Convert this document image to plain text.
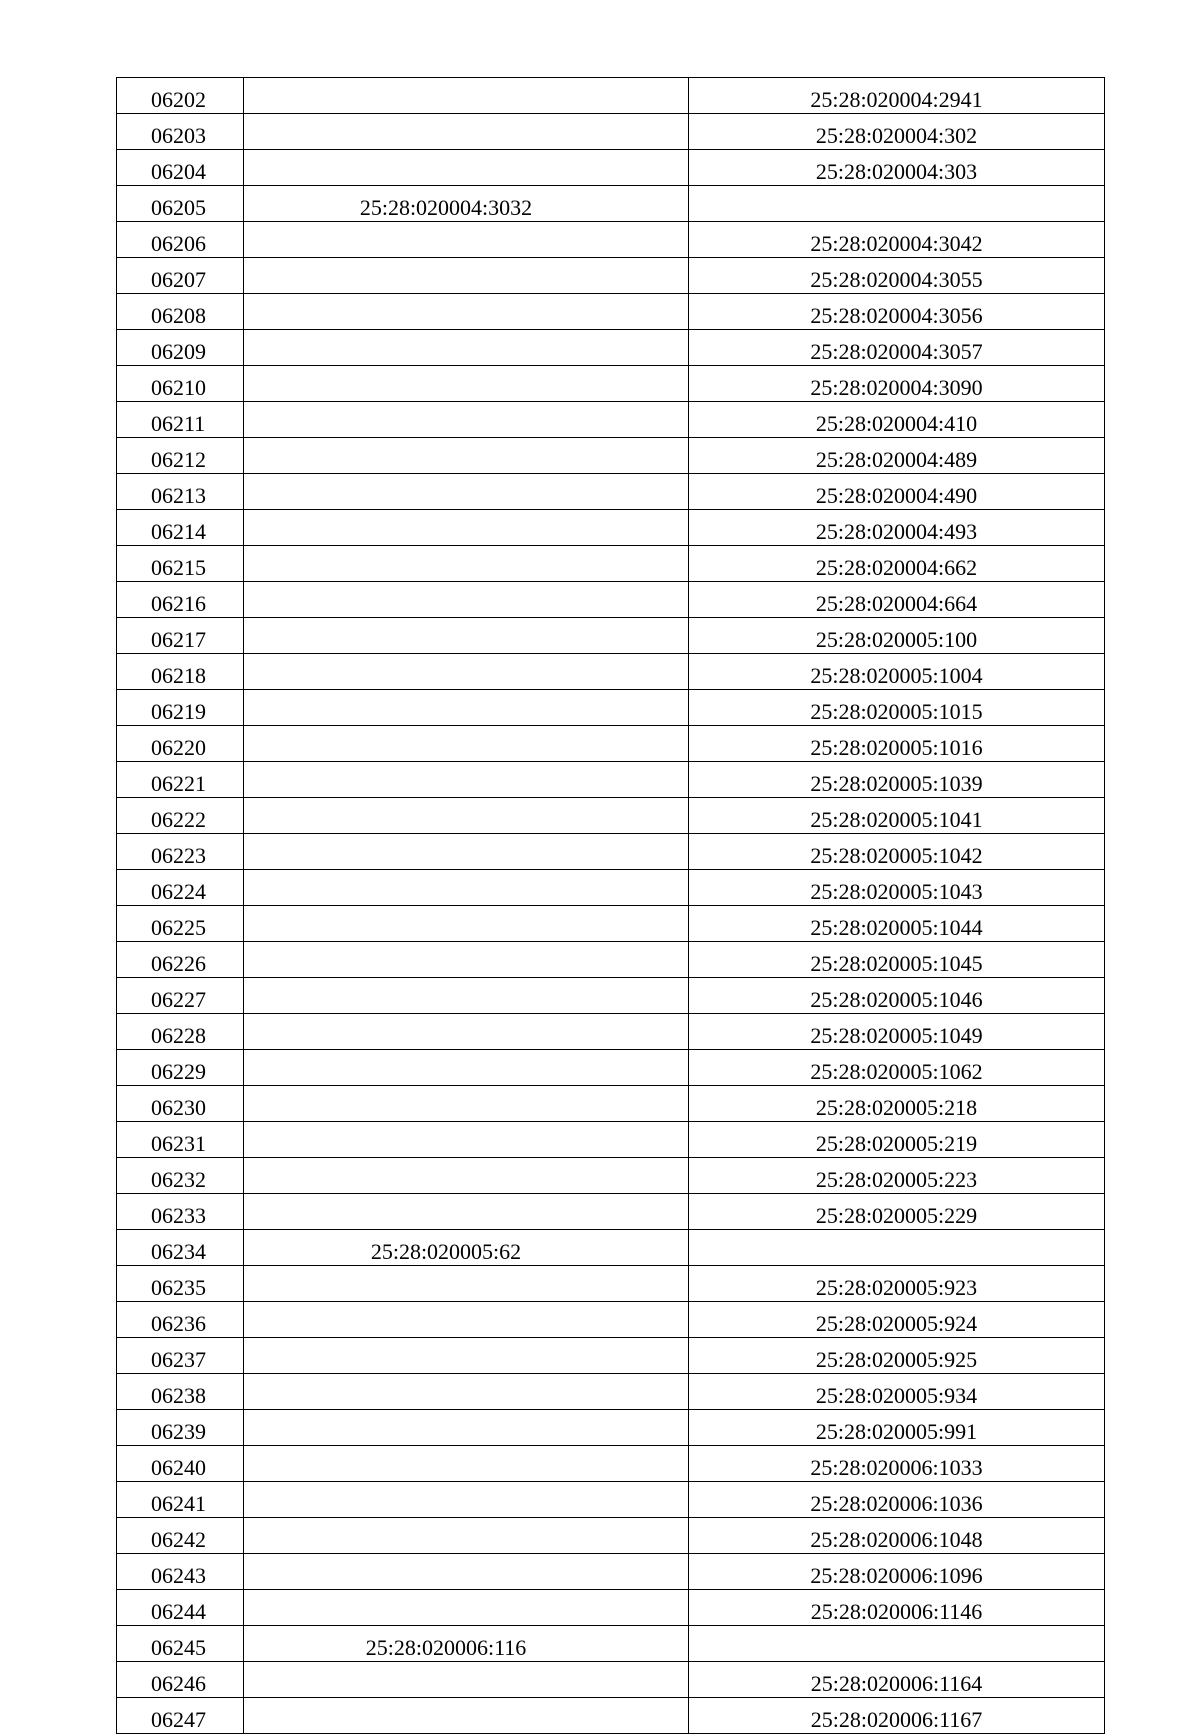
06202		25:28:020004:2941
06203		25:28:020004:302
06204		25:28:020004:303
06205	25:28:020004:3032	
06206		25:28:020004:3042
06207		25:28:020004:3055
06208		25:28:020004:3056
06209		25:28:020004:3057
06210		25:28:020004:3090
06211		25:28:020004:410
06212		25:28:020004:489
06213		25:28:020004:490
06214		25:28:020004:493
06215		25:28:020004:662
06216		25:28:020004:664
06217		25:28:020005:100
06218		25:28:020005:1004
06219		25:28:020005:1015
06220		25:28:020005:1016
06221		25:28:020005:1039
06222		25:28:020005:1041
06223		25:28:020005:1042
06224		25:28:020005:1043
06225		25:28:020005:1044
06226		25:28:020005:1045
06227		25:28:020005:1046
06228		25:28:020005:1049
06229		25:28:020005:1062
06230		25:28:020005:218
06231		25:28:020005:219
06232		25:28:020005:223
06233		25:28:020005:229
06234	25:28:020005:62	
06235		25:28:020005:923
06236		25:28:020005:924
06237		25:28:020005:925
06238		25:28:020005:934
06239		25:28:020005:991
06240		25:28:020006:1033
06241		25:28:020006:1036
06242		25:28:020006:1048
06243		25:28:020006:1096
06244		25:28:020006:1146
06245	25:28:020006:116	
06246		25:28:020006:1164
06247		25:28:020006:1167
